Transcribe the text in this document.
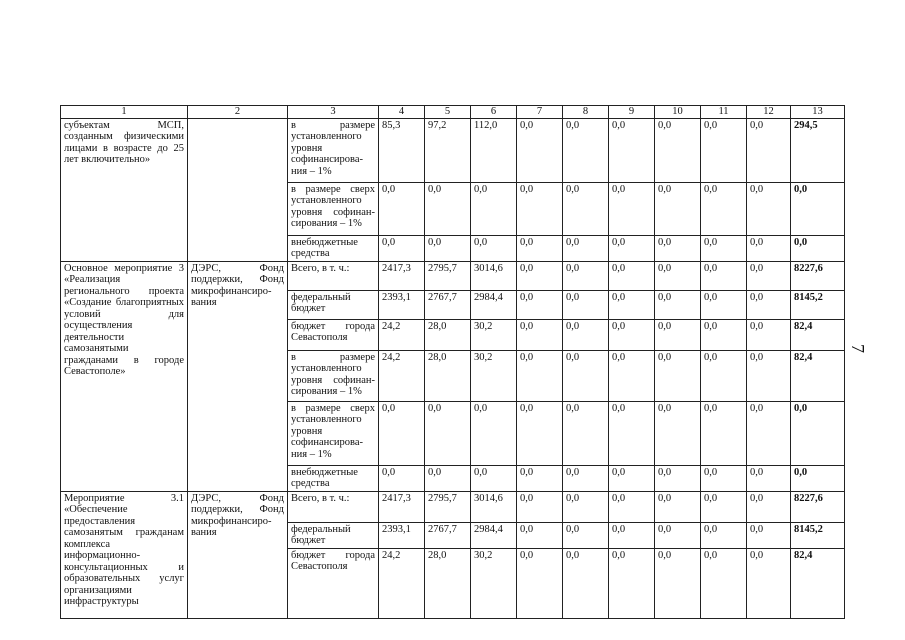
7
1	2	3	4	5	6	7	8	9	10	11	12	13
субъектам МСП, созданным физическими лицами в возрасте до 25 лет включительно»		в размере установленного уровня софинансирова-ния – 1%	85,3	97,2	112,0	0,0	0,0	0,0	0,0	0,0	0,0	294,5
		в размере сверх установленного уровня софинан-сирования – 1%	0,0	0,0	0,0	0,0	0,0	0,0	0,0	0,0	0,0	0,0
		внебюджетные средства	0,0	0,0	0,0	0,0	0,0	0,0	0,0	0,0	0,0	0,0
Основное мероприятие 3 «Реализация регионального проекта «Создание благоприятных условий для осуществления деятельности самозанятыми гражданами в городе Севастополе»	ДЭРС, Фонд поддержки, Фонд микрофинансиро-вания	Всего, в т. ч.:	2417,3	2795,7	3014,6	0,0	0,0	0,0	0,0	0,0	0,0	8227,6
		федеральный бюджет	2393,1	2767,7	2984,4	0,0	0,0	0,0	0,0	0,0	0,0	8145,2
		бюджет города Севастополя	24,2	28,0	30,2	0,0	0,0	0,0	0,0	0,0	0,0	82,4
		в размере установленного уровня софинан-сирования – 1%	24,2	28,0	30,2	0,0	0,0	0,0	0,0	0,0	0,0	82,4
		в размере сверх установленного уровня софинансирова-ния – 1%	0,0	0,0	0,0	0,0	0,0	0,0	0,0	0,0	0,0	0,0
		внебюджетные средства	0,0	0,0	0,0	0,0	0,0	0,0	0,0	0,0	0,0	0,0
Мероприятие 3.1 «Обеспечение предоставления самозанятым гражданам комплекса информационно-консультационных и образовательных услуг организациями инфраструктуры	ДЭРС, Фонд поддержки, Фонд микрофинансиро-вания	Всего, в т. ч.:	2417,3	2795,7	3014,6	0,0	0,0	0,0	0,0	0,0	0,0	8227,6
		федеральный бюджет	2393,1	2767,7	2984,4	0,0	0,0	0,0	0,0	0,0	0,0	8145,2
		бюджет города Севастополя	24,2	28,0	30,2	0,0	0,0	0,0	0,0	0,0	0,0	82,4
